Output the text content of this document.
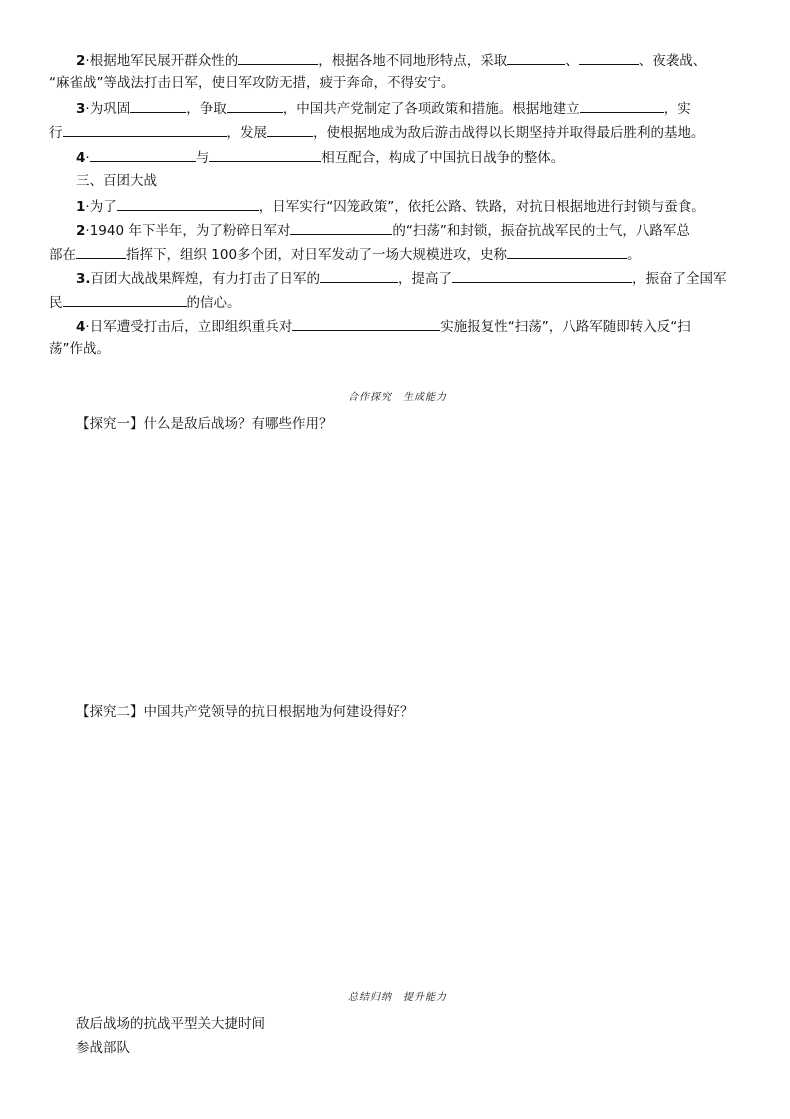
2·根据地军民展开群众性的	，根据各地不同地形特点，采取	、	、夜袭战、
“麻雀战”等战法打击日军，使日军攻防无措，疲于奔命，不得安宁。
3·为巩固	，争取	，中国共产党制定了各项政策和措施。根据地建立	，实
行	，发展	，使根据地成为敌后游击战得以长期坚持并取得最后胜利的基地。
4·	与	相互配合，构成了中国抗日战争的整体。
三、百团大战
1·为了	，日军实行“囚笼政策”，依托公路、铁路，对抗日根据地进行封锁与蚕食。
2·1940 年下半年，为了粉碎日军对	的“扫荡”和封锁，振奋抗战军民的士气，八路军总
部在	指挥下，组织 100多个团，对日军发动了一场大规模进攻，史称	。
3.百团大战战果辉煌，有力打击了日军的	，提高了	，振奋了全国军
民	的信心。
4·日军遭受打击后，立即组织重兵对	实施报复性“扫荡”，八路军随即转入反“扫
荡”作战。
合作探究　生成能力
【探究一】什么是敌后战场？有哪些作用？
【探究二】中国共产党领导的抗日根据地为何建设得好？
总结归纳　提升能力
敌后战场的抗战平型关大捷时间
参战部队
